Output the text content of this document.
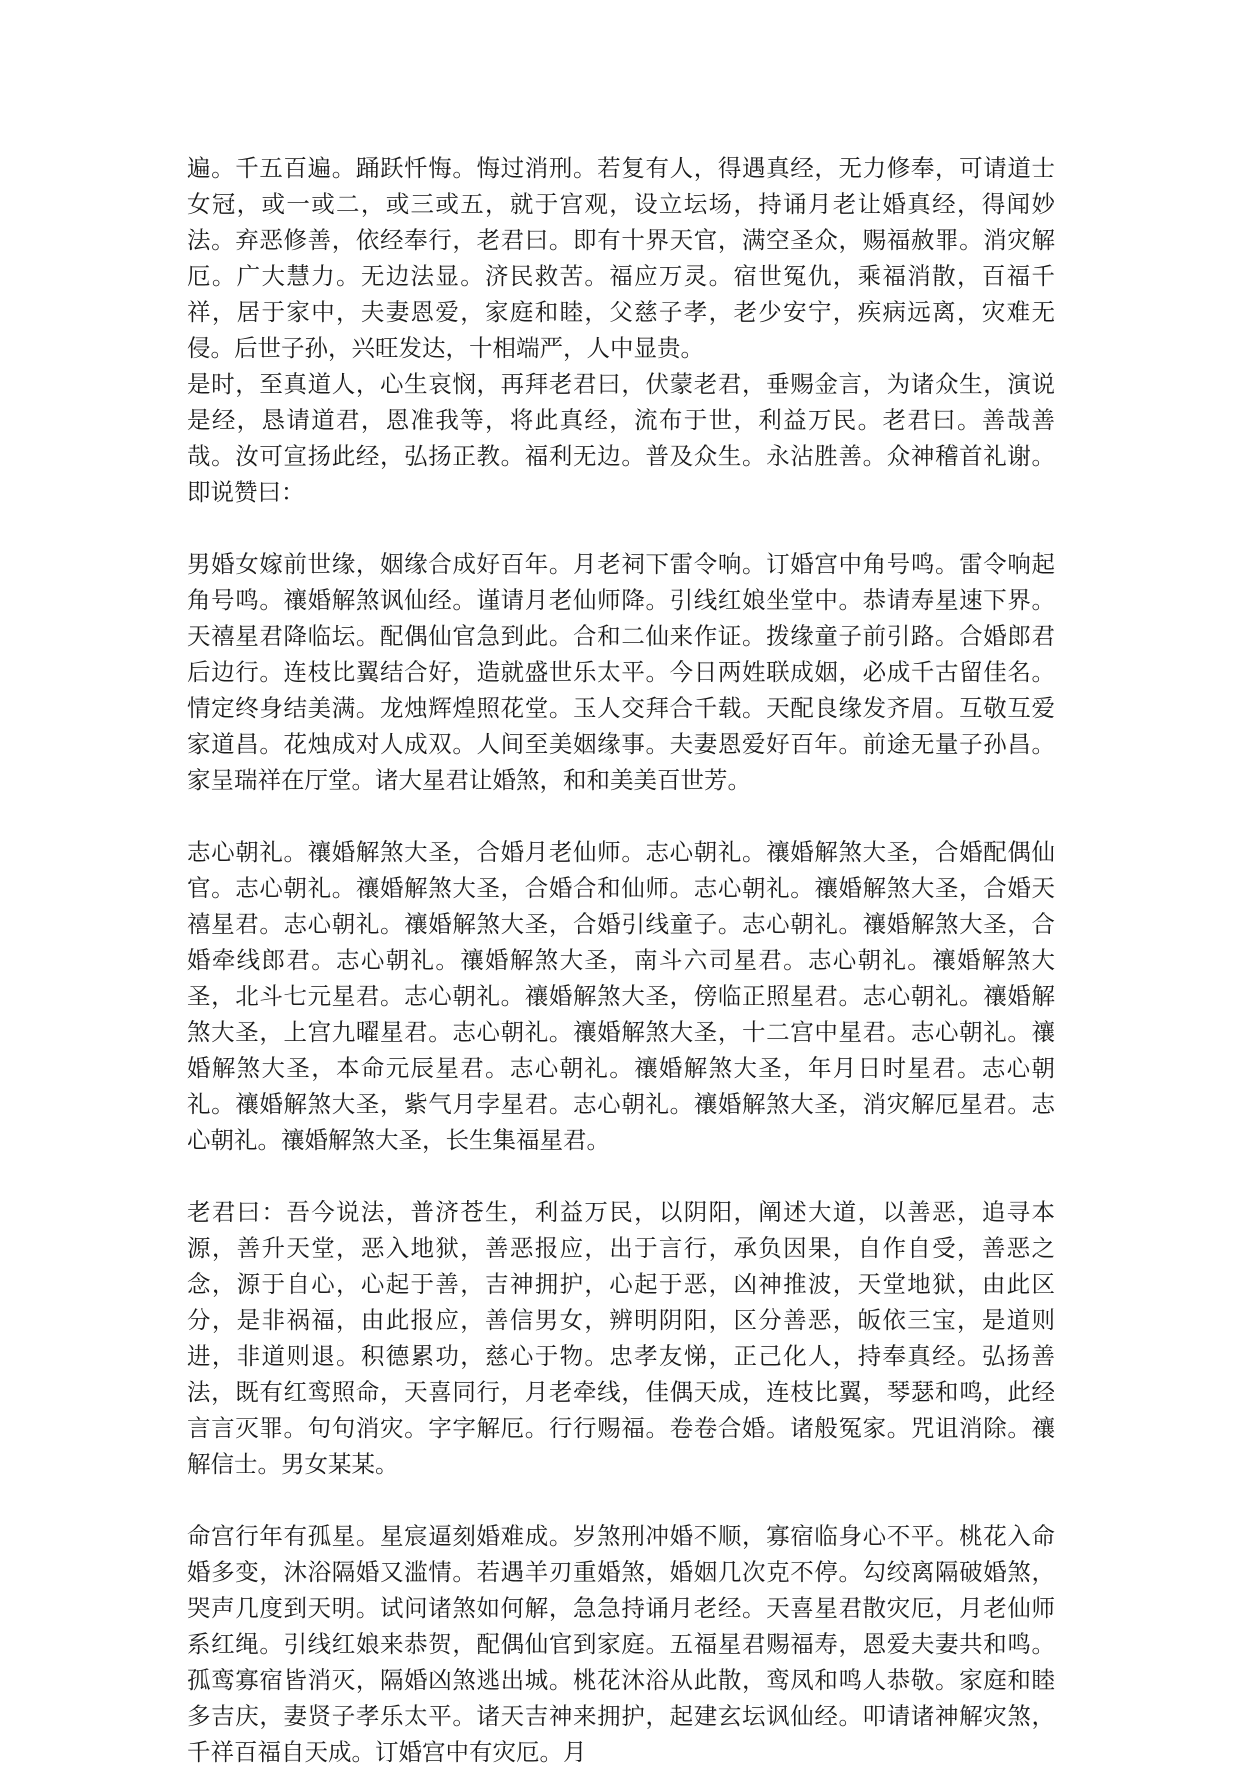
遍。千五百遍。踊跃忏悔。悔过消刑。若复有人，得遇真经，无力修奉，可请道士女冠，或一或二，或三或五，就于宫观，设立坛场，持诵月老让婚真经，得闻妙法。弃恶修善，依经奉行，老君曰。即有十界天官，满空圣众，赐福赦罪。消灾解厄。广大慧力。无边法显。济民救苦。福应万灵。宿世冤仇，乘福消散，百福千祥，居于家中，夫妻恩爱，家庭和睦，父慈子孝，老少安宁，疾病远离，灾难无侵。后世子孙，兴旺发达，十相端严，人中显贵。

是时，至真道人，心生哀悯，再拜老君曰，伏蒙老君，垂赐金言，为诸众生，演说是经，恳请道君，恩准我等，将此真经，流布于世，利益万民。老君曰。善哉善哉。汝可宣扬此经，弘扬正教。福利无边。普及众生。永沾胜善。众神稽首礼谢。即说赞曰：

男婚女嫁前世缘，姻缘合成好百年。月老祠下雷令响。订婚宫中角号鸣。雷令响起角号鸣。禳婚解煞讽仙经。谨请月老仙师降。引线红娘坐堂中。恭请寿星速下界。天禧星君降临坛。配偶仙官急到此。合和二仙来作证。拨缘童子前引路。合婚郎君后边行。连枝比翼结合好，造就盛世乐太平。今日两姓联成姻，必成千古留佳名。情定终身结美满。龙烛辉煌照花堂。玉人交拜合千载。天配良缘发齐眉。互敬互爱家道昌。花烛成对人成双。人间至美姻缘事。夫妻恩爱好百年。前途无量子孙昌。家呈瑞祥在厅堂。诸大星君让婚煞，和和美美百世芳。

志心朝礼。禳婚解煞大圣，合婚月老仙师。志心朝礼。禳婚解煞大圣，合婚配偶仙官。志心朝礼。禳婚解煞大圣，合婚合和仙师。志心朝礼。禳婚解煞大圣，合婚天禧星君。志心朝礼。禳婚解煞大圣，合婚引线童子。志心朝礼。禳婚解煞大圣，合婚牵线郎君。志心朝礼。禳婚解煞大圣，南斗六司星君。志心朝礼。禳婚解煞大圣，北斗七元星君。志心朝礼。禳婚解煞大圣，傍临正照星君。志心朝礼。禳婚解煞大圣，上宫九曜星君。志心朝礼。禳婚解煞大圣，十二宫中星君。志心朝礼。禳婚解煞大圣，本命元辰星君。志心朝礼。禳婚解煞大圣，年月日时星君。志心朝礼。禳婚解煞大圣，紫气月孛星君。志心朝礼。禳婚解煞大圣，消灾解厄星君。志心朝礼。禳婚解煞大圣，长生集福星君。

老君曰：吾今说法，普济苍生，利益万民，以阴阳，阐述大道，以善恶，追寻本源，善升天堂，恶入地狱，善恶报应，出于言行，承负因果，自作自受，善恶之念，源于自心，心起于善，吉神拥护，心起于恶，凶神推波，天堂地狱，由此区分，是非祸福，由此报应，善信男女，辨明阴阳，区分善恶，皈依三宝，是道则进，非道则退。积德累功，慈心于物。忠孝友悌，正己化人，持奉真经。弘扬善法，既有红鸾照命，天喜同行，月老牵线，佳偶天成，连枝比翼，琴瑟和鸣，此经言言灭罪。句句消灾。字字解厄。行行赐福。卷卷合婚。诸般冤家。咒诅消除。禳解信士。男女某某。

命宫行年有孤星。星宸逼刻婚难成。岁煞刑冲婚不顺，寡宿临身心不平。桃花入命婚多变，沐浴隔婚又滥情。若遇羊刃重婚煞，婚姻几次克不停。勾绞离隔破婚煞，哭声几度到天明。试问诸煞如何解，急急持诵月老经。天喜星君散灾厄，月老仙师系红绳。引线红娘来恭贺，配偶仙官到家庭。五福星君赐福寿，恩爱夫妻共和鸣。孤鸾寡宿皆消灭，隔婚凶煞逃出城。桃花沐浴从此散，鸾凤和鸣人恭敬。家庭和睦多吉庆，妻贤子孝乐太平。诸天吉神来拥护，起建玄坛讽仙经。叩请诸神解灾煞，千祥百福自天成。订婚宫中有灾厄。月
